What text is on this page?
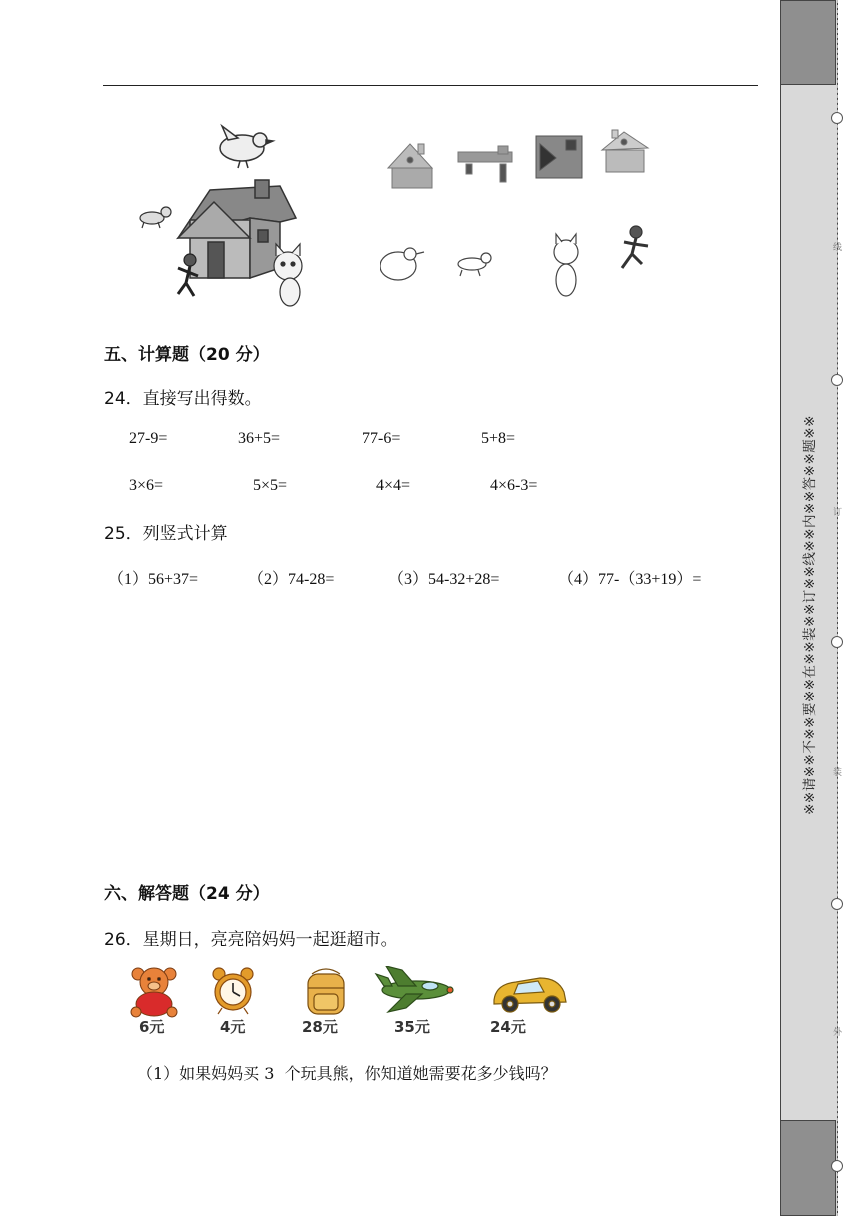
※※请※※不※※要※※在※※装※※订※※线※※内※※答※※题※※
线
订
装
外
五、计算题（20 分）
24．直接写出得数。
27-9=	36+5=	77-6=	5+8=
3×6=	5×5=	4×4=	4×6-3=
25．列竖式计算
（1）56+37=	（2）74-28=	（3）54-32+28=	（4）77-（33+19）=
六、解答题（24 分）
26．星期日，亮亮陪妈妈一起逛超市。
6元	4元	28元	35元	24元
（1）如果妈妈买 3  个玩具熊，你知道她需要花多少钱吗？
